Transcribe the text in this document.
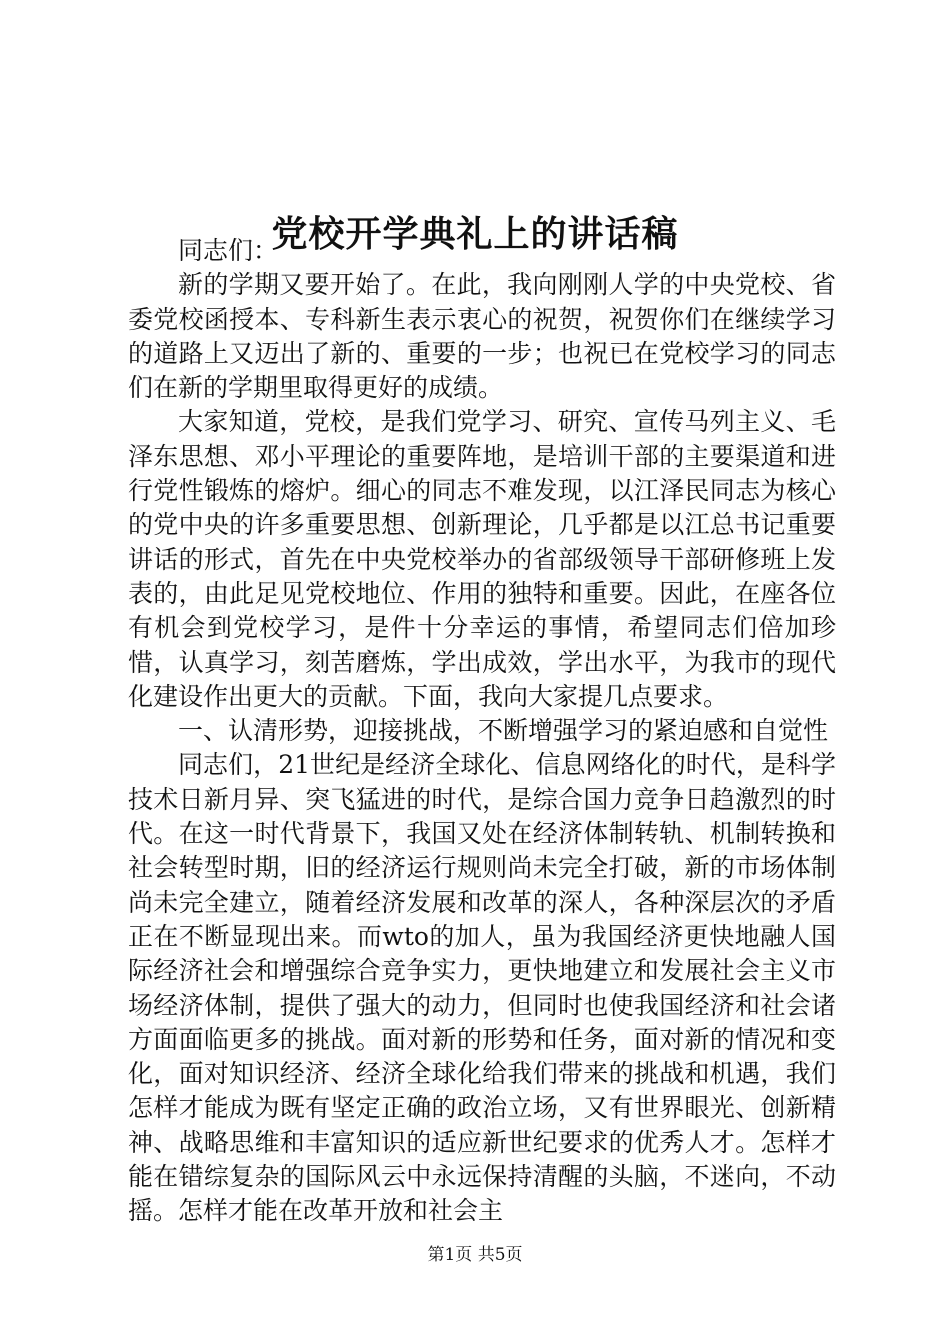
党校开学典礼上的讲话稿

同志们：

新的学期又要开始了。在此，我向刚刚人学的中央党校、省委党校函授本、专科新生表示衷心的祝贺，祝贺你们在继续学习的道路上又迈出了新的、重要的一步；也祝已在党校学习的同志们在新的学期里取得更好的成绩。

大家知道，党校，是我们党学习、研究、宣传马列主义、毛泽东思想、邓小平理论的重要阵地，是培训干部的主要渠道和进行党性锻炼的熔炉。细心的同志不难发现，以江泽民同志为核心的党中央的许多重要思想、创新理论，几乎都是以江总书记重要讲话的形式，首先在中央党校举办的省部级领导干部研修班上发表的，由此足见党校地位、作用的独特和重要。因此，在座各位有机会到党校学习，是件十分幸运的事情，希望同志们倍加珍惜，认真学习，刻苦磨炼，学出成效，学出水平，为我市的现代化建设作出更大的贡献。下面，我向大家提几点要求。

一、认清形势，迎接挑战，不断增强学习的紧迫感和自觉性

同志们，21世纪是经济全球化、信息网络化的时代，是科学技术日新月异、突飞猛进的时代，是综合国力竞争日趋激烈的时代。在这一时代背景下，我国又处在经济体制转轨、机制转换和社会转型时期，旧的经济运行规则尚未完全打破，新的市场体制尚未完全建立，随着经济发展和改革的深人，各种深层次的矛盾正在不断显现出来。而wto的加人，虽为我国经济更快地融人国际经济社会和增强综合竞争实力，更快地建立和发展社会主义市场经济体制，提供了强大的动力，但同时也使我国经济和社会诸方面面临更多的挑战。面对新的形势和任务，面对新的情况和变化，面对知识经济、经济全球化给我们带来的挑战和机遇，我们怎样才能成为既有坚定正确的政治立场，又有世界眼光、创新精神、战略思维和丰富知识的适应新世纪要求的优秀人才。怎样才能在错综复杂的国际风云中永远保持清醒的头脑，不迷向，不动摇。怎样才能在改革开放和社会主

第1页 共5页
